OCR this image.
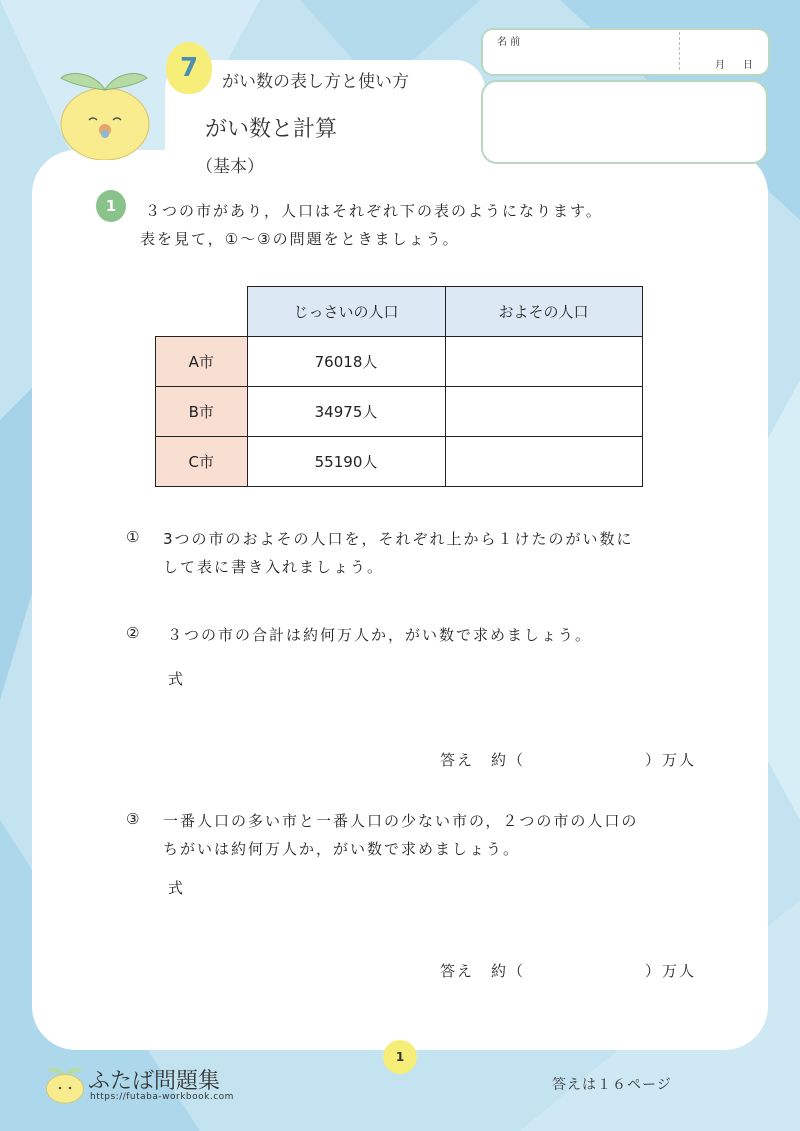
7	がい数の表し方と使い方
がい数と計算
（基本）
名 前
月 日
1	３つの市があり，人口はそれぞれ下の表のようになります。
表を見て，①～③の問題をときましょう。
	じっさいの人口	およその人口
A市	76018人	
B市	34975人	
C市	55190人	
① 3つの市のおよその人口を，それぞれ上から１けたのがい数に
して表に書き入れましょう。
② ３つの市の合計は約何万人か，がい数で求めましょう。
式
答え　約（	）万人
③ 一番人口の多い市と一番人口の少ない市の，２つの市の人口の
ちがいは約何万人か，がい数で求めましょう。
式
答え　約（	）万人
1
ふたば問題集
https://futaba-workbook.com
答えは１６ページ
